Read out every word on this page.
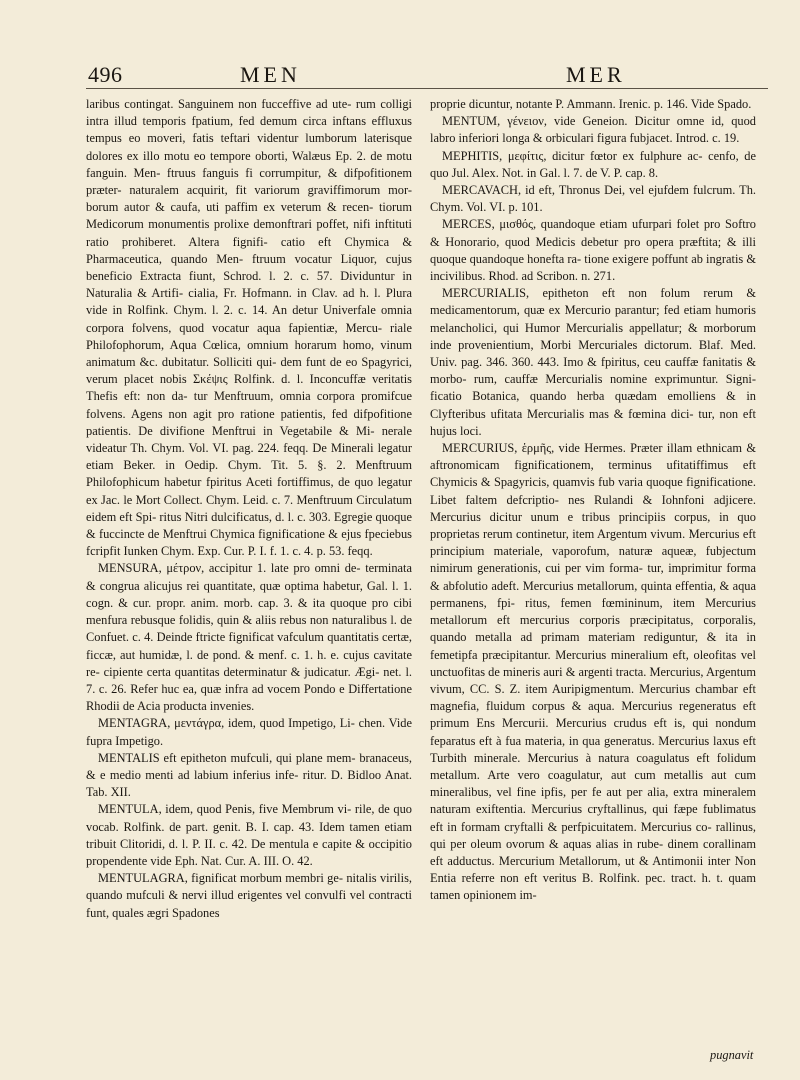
496	MEN	MER

laribus contingat. Sanguinem non fucceffive ad ute- rum colligi intra illud temporis fpatium, fed demum circa inftans effluxus tempus eo moveri, fatis teftari videntur lumborum laterisque dolores ex illo motu eo tempore oborti, Walæus Ep. 2. de motu fanguin. Men- ftruus fanguis fi corrumpitur, & difpofitionem præter- naturalem acquirit, fit variorum graviffimorum mor- borum autor & caufa, uti paffim ex veterum & recen- tiorum Medicorum monumentis prolixe demonftrari poffet, nifi inftituti ratio prohiberet. Altera fignifi- catio eft Chymica & Pharmaceutica, quando Men- ftruum vocatur Liquor, cujus beneficio Extracta fiunt, Schrod. l. 2. c. 57. Dividuntur in Naturalia & Artifi- cialia, Fr. Hofmann. in Clav. ad h. l. Plura vide in Rolfink. Chym. l. 2. c. 14. An detur Univerfale omnia corpora folvens, quod vocatur aqua fapientiæ, Mercu- riale Philofophorum, Aqua Cœlica, omnium horarum homo, vinum animatum &c. dubitatur. Solliciti qui- dem funt de eo Spagyrici, verum placet nobis Σκέψις Rolfink. d. l. Inconcuffæ veritatis Thefis eft: non da- tur Menftruum, omnia corpora promifcue folvens. Agens non agit pro ratione patientis, fed difpofitione patientis. De divifione Menftrui in Vegetabile & Mi- nerale videatur Th. Chym. Vol. VI. pag. 224. feqq. De Minerali legatur etiam Beker. in Oedip. Chym. Tit. 5. §. 2. Menftruum Philofophicum habetur fpiritus Aceti fortiffimus, de quo legatur ex Jac. le Mort Collect. Chym. Leid. c. 7. Menftruum Circulatum eidem eft Spi- ritus Nitri dulcificatus, d. l. c. 303. Egregie quoque & fuccincte de Menftrui Chymica fignificatione & ejus fpeciebus fcripfit Iunken Chym. Exp. Cur. P. I. f. 1. c. 4. p. 53. feqq.

MENSURA, μέτρον, accipitur 1. late pro omni de- terminata & congrua alicujus rei quantitate, quæ optima habetur, Gal. l. 1. cogn. & cur. propr. anim. morb. cap. 3. & ita quoque pro cibi menfura rebusque folidis, quin & aliis rebus non naturalibus l. de Confuet. c. 4. Deinde ftricte fignificat vafculum quantitatis certæ, ficcæ, aut humidæ, l. de pond. & menf. c. 1. h. e. cujus cavitate re- cipiente certa quantitas determinatur & judicatur. Ægi- net. l. 7. c. 26. Refer huc ea, quæ infra ad vocem Pondo e Differtatione Rhodii de Acia producta invenies.

MENTAGRA, μεντάγρα, idem, quod Impetigo, Li- chen. Vide fupra Impetigo.

MENTALIS eft epitheton mufculi, qui plane mem- branaceus, & e medio menti ad labium inferius infe- ritur. D. Bidloo Anat. Tab. XII.

MENTULA, idem, quod Penis, five Membrum vi- rile, de quo vocab. Rolfink. de part. genit. B. I. cap. 43. Idem tamen etiam tribuit Clitoridi, d. l. P. II. c. 42. De mentula e capite & occipitio propendente vide Eph. Nat. Cur. A. III. O. 42.

MENTULAGRA, fignificat morbum membri ge- nitalis virilis, quando mufculi & nervi illud erigentes vel convulfi vel contracti funt, quales ægri Spadones

proprie dicuntur, notante P. Ammann. Irenic. p. 146. Vide Spado.

MENTUM, γένειον, vide Geneion. Dicitur omne id, quod labro inferiori longa & orbiculari figura fubjacet. Introd. c. 19.

MEPHITIS, μεφίτις, dicitur fœtor ex fulphure ac- cenfo, de quo Jul. Alex. Not. in Gal. l. 7. de V. P. cap. 8.

MERCAVACH, id eft, Thronus Dei, vel ejufdem fulcrum. Th. Chym. Vol. VI. p. 101.

MERCES, μισθός, quandoque etiam ufurpari folet pro Softro & Honorario, quod Medicis debetur pro opera præftita; & illi quoque quandoque honefta ra- tione exigere poffunt ab ingratis & incivilibus. Rhod. ad Scribon. n. 271.

MERCURIALIS, epitheton eft non folum rerum & medicamentorum, quæ ex Mercurio parantur; fed etiam humoris melancholici, qui Humor Mercurialis appellatur; & morborum inde provenientium, Morbi Mercuriales dictorum. Blaf. Med. Univ. pag. 346. 360. 443. Imo & fpiritus, ceu cauffæ fanitatis & morbo- rum, cauffæ Mercurialis nomine exprimuntur. Signi- ficatio Botanica, quando herba quædam emolliens & in Clyfteribus ufitata Mercurialis mas & fœmina dici- tur, non eft hujus loci.

MERCURIUS, ἑρμῆς, vide Hermes. Præter illam ethnicam & aftronomicam fignificationem, terminus ufitatiffimus eft Chymicis & Spagyricis, quamvis fub varia quoque fignificatione. Libet faltem defcriptio- nes Rulandi & Iohnfoni adjicere. Mercurius dicitur unum e tribus principiis corpus, in quo proprietas rerum continetur, item Argentum vivum. Mercurius eft principium materiale, vaporofum, naturæ aqueæ, fubjectum nimirum generationis, cui per vim forma- tur, imprimitur forma & abfolutio adeft. Mercurius metallorum, quinta effentia, & aqua permanens, fpi- ritus, femen fœmininum, item Mercurius metallorum eft mercurius corporis præcipitatus, corporalis, quando metalla ad primam materiam rediguntur, & ita in femetipfa præcipitantur. Mercurius mineralium eft, oleofitas vel unctuofitas de mineris auri & argenti tracta. Mercurius, Argentum vivum, CC. S. Z. item Auripigmentum. Mercurius chambar eft magnefia, fluidum corpus & aqua. Mercurius regeneratus eft primum Ens Mercurii. Mercurius crudus eft is, qui nondum feparatus eft à fua materia, in qua generatus. Mercurius laxus eft Turbith minerale. Mercurius à natura coagulatus eft folidum metallum. Arte vero coagulatur, aut cum metallis aut cum mineralibus, vel fine ipfis, per fe aut per alia, extra mineralem naturam exiftentia. Mercurius cryftallinus, qui fæpe fublimatus eft in formam cryftalli & perfpicuitatem. Mercurius co- rallinus, qui per oleum ovorum & aquas alias in rube- dinem corallinam eft adductus. Mercurium Metallorum, ut & Antimonii inter Non Entia referre non eft veritus B. Rolfink. pec. tract. h. t. quam tamen opinionem im-

pugnavit
